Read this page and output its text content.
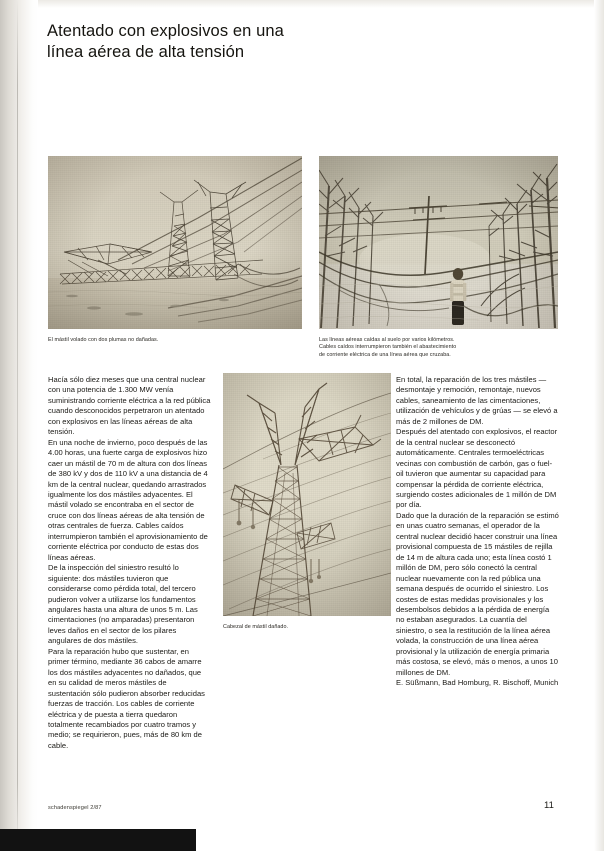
Atentado con explosivos en una
línea aérea de alta tensión
El mástil volado con dos plumas no dañadas.	Las líneas aéreas caídas al suelo por varios kilómetros.
Cables caídos interrumpieron también el abastecimiento
de corriente eléctrica de una línea aérea que cruzaba.
Cabezal de mástil dañado.

Hacía sólo diez meses que una central nuclear con una potencia de 1.300 MW venía suministrando corriente eléctrica a la red pública cuando desconocidos perpetraron un atentado con explosivos en las líneas aéreas de alta tensión.

En una noche de invierno, poco después de las 4.00 horas, una fuerte carga de explosivos hizo caer un mástil de 70 m de altura con dos líneas de 380 kV y dos de 110 kV a una distancia de 4 km de la central nuclear, quedando arrastrados igualmente los dos mástiles adyacentes. El mástil volado se encontraba en el sector de cruce con dos líneas aéreas de alta tensión de otras centrales de fuerza. Cables caídos interrumpieron también el aprovisionamiento de corriente eléctrica por conducto de estas dos líneas aéreas.

De la inspección del siniestro resultó lo siguiente: dos mástiles tuvieron que considerarse como pérdida total, del tercero pudieron volver a utilizarse los fundamentos angulares hasta una altura de unos 5 m. Las cimentaciones (no amparadas) presentaron leves daños en el sector de los pilares angulares de dos mástiles.

Para la reparación hubo que sustentar, en primer término, mediante 36 cabos de amarre los dos mástiles adyacentes no dañados, que en su calidad de meros mástiles de sustentación sólo pudieron absorber reducidas fuerzas de tracción. Los cables de corriente eléctrica y de puesta a tierra quedaron totalmente recambiados por cuatro tramos y medio; se requirieron, pues, más de 80 km de cable.

En total, la reparación de los tres mástiles — desmontaje y remoción, remontaje, nuevos cables, saneamiento de las cimentaciones, utilización de vehículos y de grúas — se elevó a más de 2 millones de DM.

Después del atentado con explosivos, el reactor de la central nuclear se desconectó automáticamente. Centrales termoeléctricas vecinas con combustión de carbón, gas o fuel-oil tuvieron que aumentar su capacidad para compensar la pérdida de corriente eléctrica, surgiendo costes adicionales de 1 millón de DM por día.

Dado que la duración de la reparación se estimó en unas cuatro semanas, el operador de la central nuclear decidió hacer construir una línea provisional compuesta de 15 mástiles de rejilla de 14 m de altura cada uno; esta línea costó 1 millón de DM, pero sólo conectó la central nuclear nuevamente con la red pública una semana después de ocurrido el siniestro. Los costes de estas medidas provisionales y los desembolsos debidos a la pérdida de energía no estaban asegurados. La cuantía del siniestro, o sea la restitución de la línea aérea volada, la construcción de una línea aérea provisional y la utilización de energía primaria más costosa, se elevó, más o menos, a unos 10 millones de DM.

E. Süßmann, Bad Homburg, R. Bischoff, Munich

schadenspiegel 2/87	11
